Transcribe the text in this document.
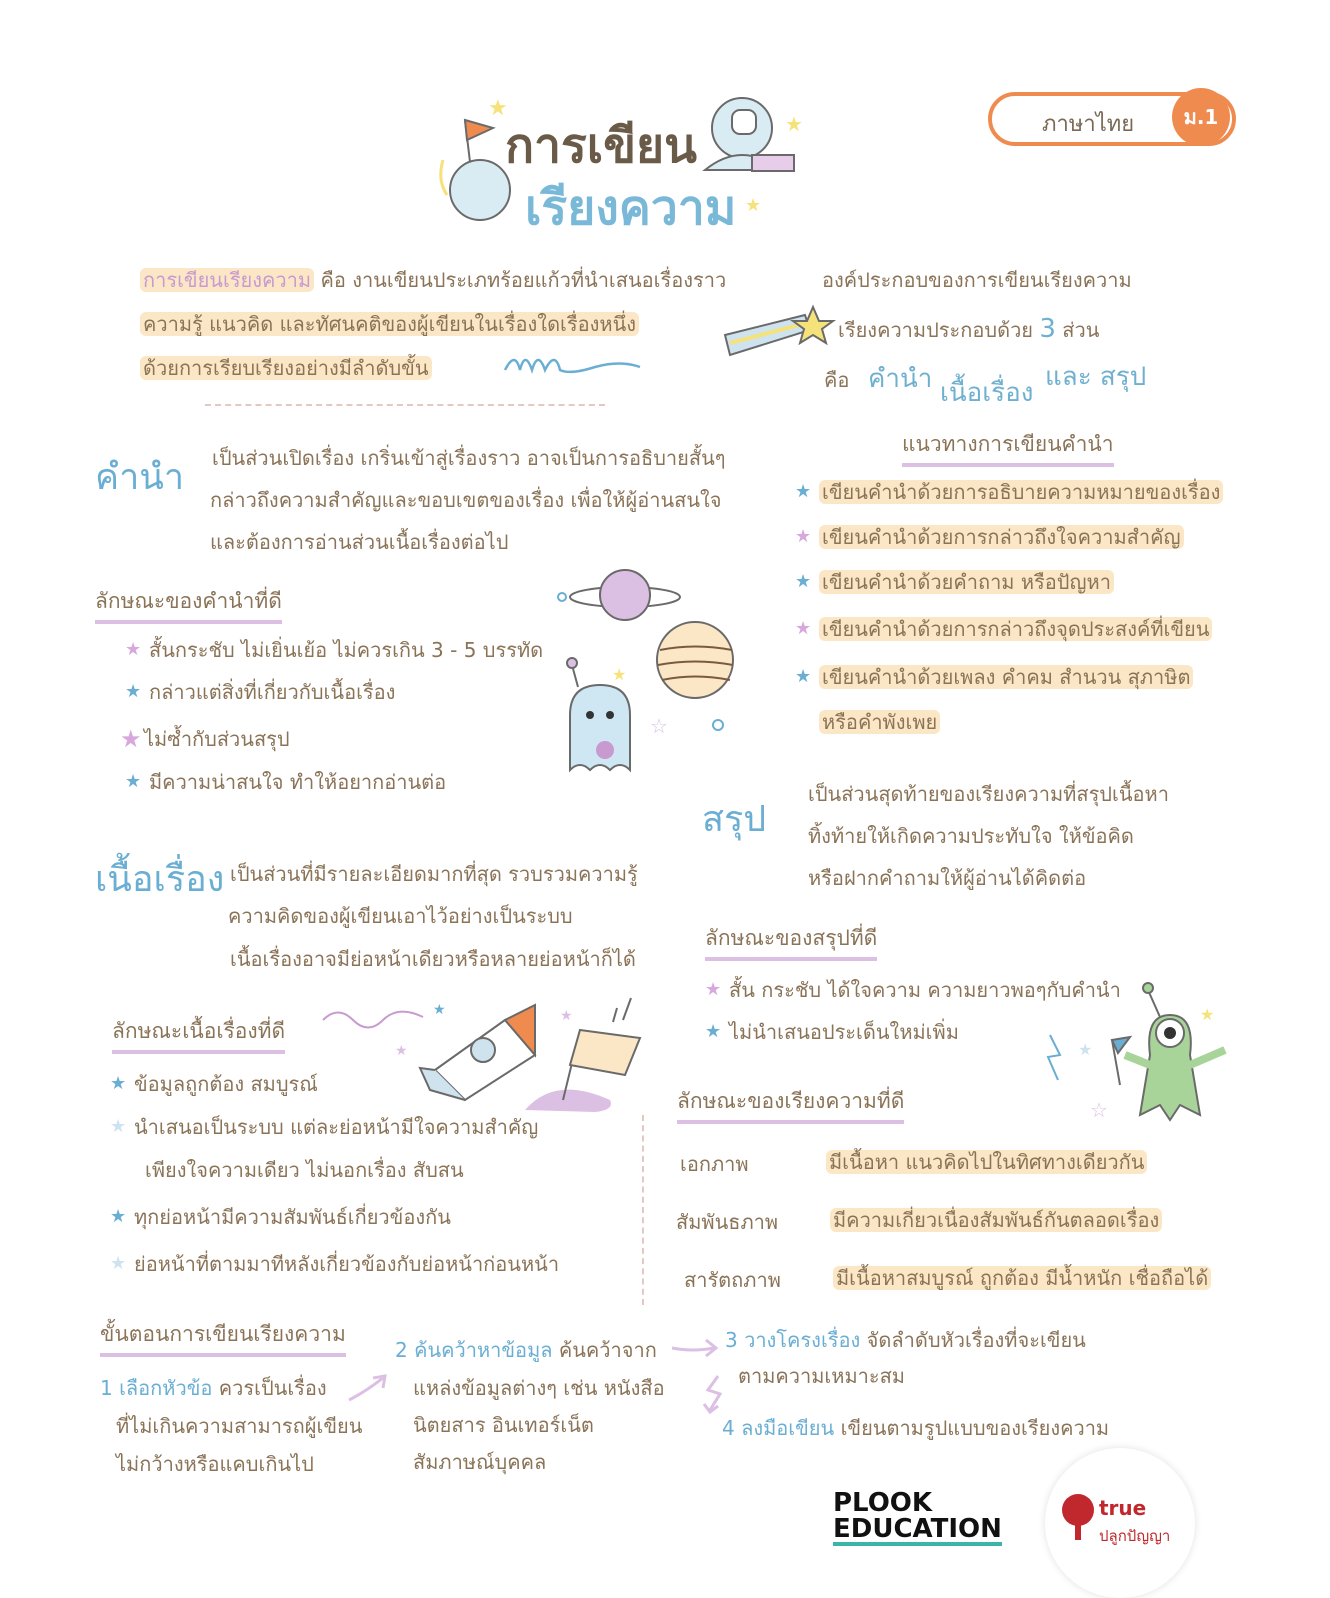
การเขียน
เรียงความ
★
★
★
ภาษาไทย	ม.1
การเขียนเรียงความ คือ งานเขียนประเภทร้อยแก้วที่นำเสนอเรื่องราว
ความรู้ แนวคิด และทัศนคติของผู้เขียนในเรื่องใดเรื่องหนึ่ง
ด้วยการเรียบเรียงอย่างมีลำดับขั้น
องค์ประกอบของการเขียนเรียงความ
เรียงความประกอบด้วย 3 ส่วน
คือ คำนำ เนื้อเรื่อง
และ สรุป
คำนำ เป็นส่วนเปิดเรื่อง เกริ่นเข้าสู่เรื่องราว อาจเป็นการอธิบายสั้นๆ
กล่าวถึงความสำคัญและขอบเขตของเรื่อง เพื่อให้ผู้อ่านสนใจ
และต้องการอ่านส่วนเนื้อเรื่องต่อไป
ลักษณะของคำนำที่ดี
★ สั้นกระชับ ไม่เยิ่นเย้อ ไม่ควรเกิน 3 - 5 บรรทัด
★ กล่าวแต่สิ่งที่เกี่ยวกับเนื้อเรื่อง
★ ไม่ซ้ำกับส่วนสรุป
★ มีความน่าสนใจ ทำให้อยากอ่านต่อ
☆
★
แนวทางการเขียนคำนำ
★ เขียนคำนำด้วยการอธิบายความหมายของเรื่อง
★ เขียนคำนำด้วยการกล่าวถึงใจความสำคัญ
★ เขียนคำนำด้วยคำถาม หรือปัญหา
★ เขียนคำนำด้วยการกล่าวถึงจุดประสงค์ที่เขียน
★ เขียนคำนำด้วยเพลง คำคม สำนวน สุภาษิต
หรือคำพังเพย
สรุป
เป็นส่วนสุดท้ายของเรียงความที่สรุปเนื้อหา
ทิ้งท้ายให้เกิดความประทับใจ ให้ข้อคิด
หรือฝากคำถามให้ผู้อ่านได้คิดต่อ
ลักษณะของสรุปที่ดี
★ สั้น กระชับ ได้ใจความ ความยาวพอๆกับคำนำ
★ ไม่นำเสนอประเด็นใหม่เพิ่ม
★
☆
★
เนื้อเรื่อง เป็นส่วนที่มีรายละเอียดมากที่สุด รวบรวมความรู้
ความคิดของผู้เขียนเอาไว้อย่างเป็นระบบ
เนื้อเรื่องอาจมีย่อหน้าเดียวหรือหลายย่อหน้าก็ได้
ลักษณะเนื้อเรื่องที่ดี
★ ข้อมูลถูกต้อง สมบูรณ์
★ นำเสนอเป็นระบบ แต่ละย่อหน้ามีใจความสำคัญ
เพียงใจความเดียว ไม่นอกเรื่อง สับสน
★ ทุกย่อหน้ามีความสัมพันธ์เกี่ยวข้องกัน
★ ย่อหน้าที่ตามมาทีหลังเกี่ยวข้องกับย่อหน้าก่อนหน้า
★
★	★
ลักษณะของเรียงความที่ดี
เอกภาพ	มีเนื้อหา แนวคิดไปในทิศทางเดียวกัน
สัมพันธภาพ	มีความเกี่ยวเนื่องสัมพันธ์กันตลอดเรื่อง
สารัตถภาพ	มีเนื้อหาสมบูรณ์ ถูกต้อง มีน้ำหนัก เชื่อถือได้
ขั้นตอนการเขียนเรียงความ
1 เลือกหัวข้อ ควรเป็นเรื่อง
ที่ไม่เกินความสามารถผู้เขียน
ไม่กว้างหรือแคบเกินไป
2 ค้นคว้าหาข้อมูล ค้นคว้าจาก
แหล่งข้อมูลต่างๆ เช่น หนังสือ
นิตยสาร อินเทอร์เน็ต
สัมภาษณ์บุคคล
3 วางโครงเรื่อง จัดลำดับหัวเรื่องที่จะเขียน
ตามความเหมาะสม
4 ลงมือเขียน เขียนตามรูปแบบของเรียงความ
PLOOK
EDUCATION
true
ปลูกปัญญา
